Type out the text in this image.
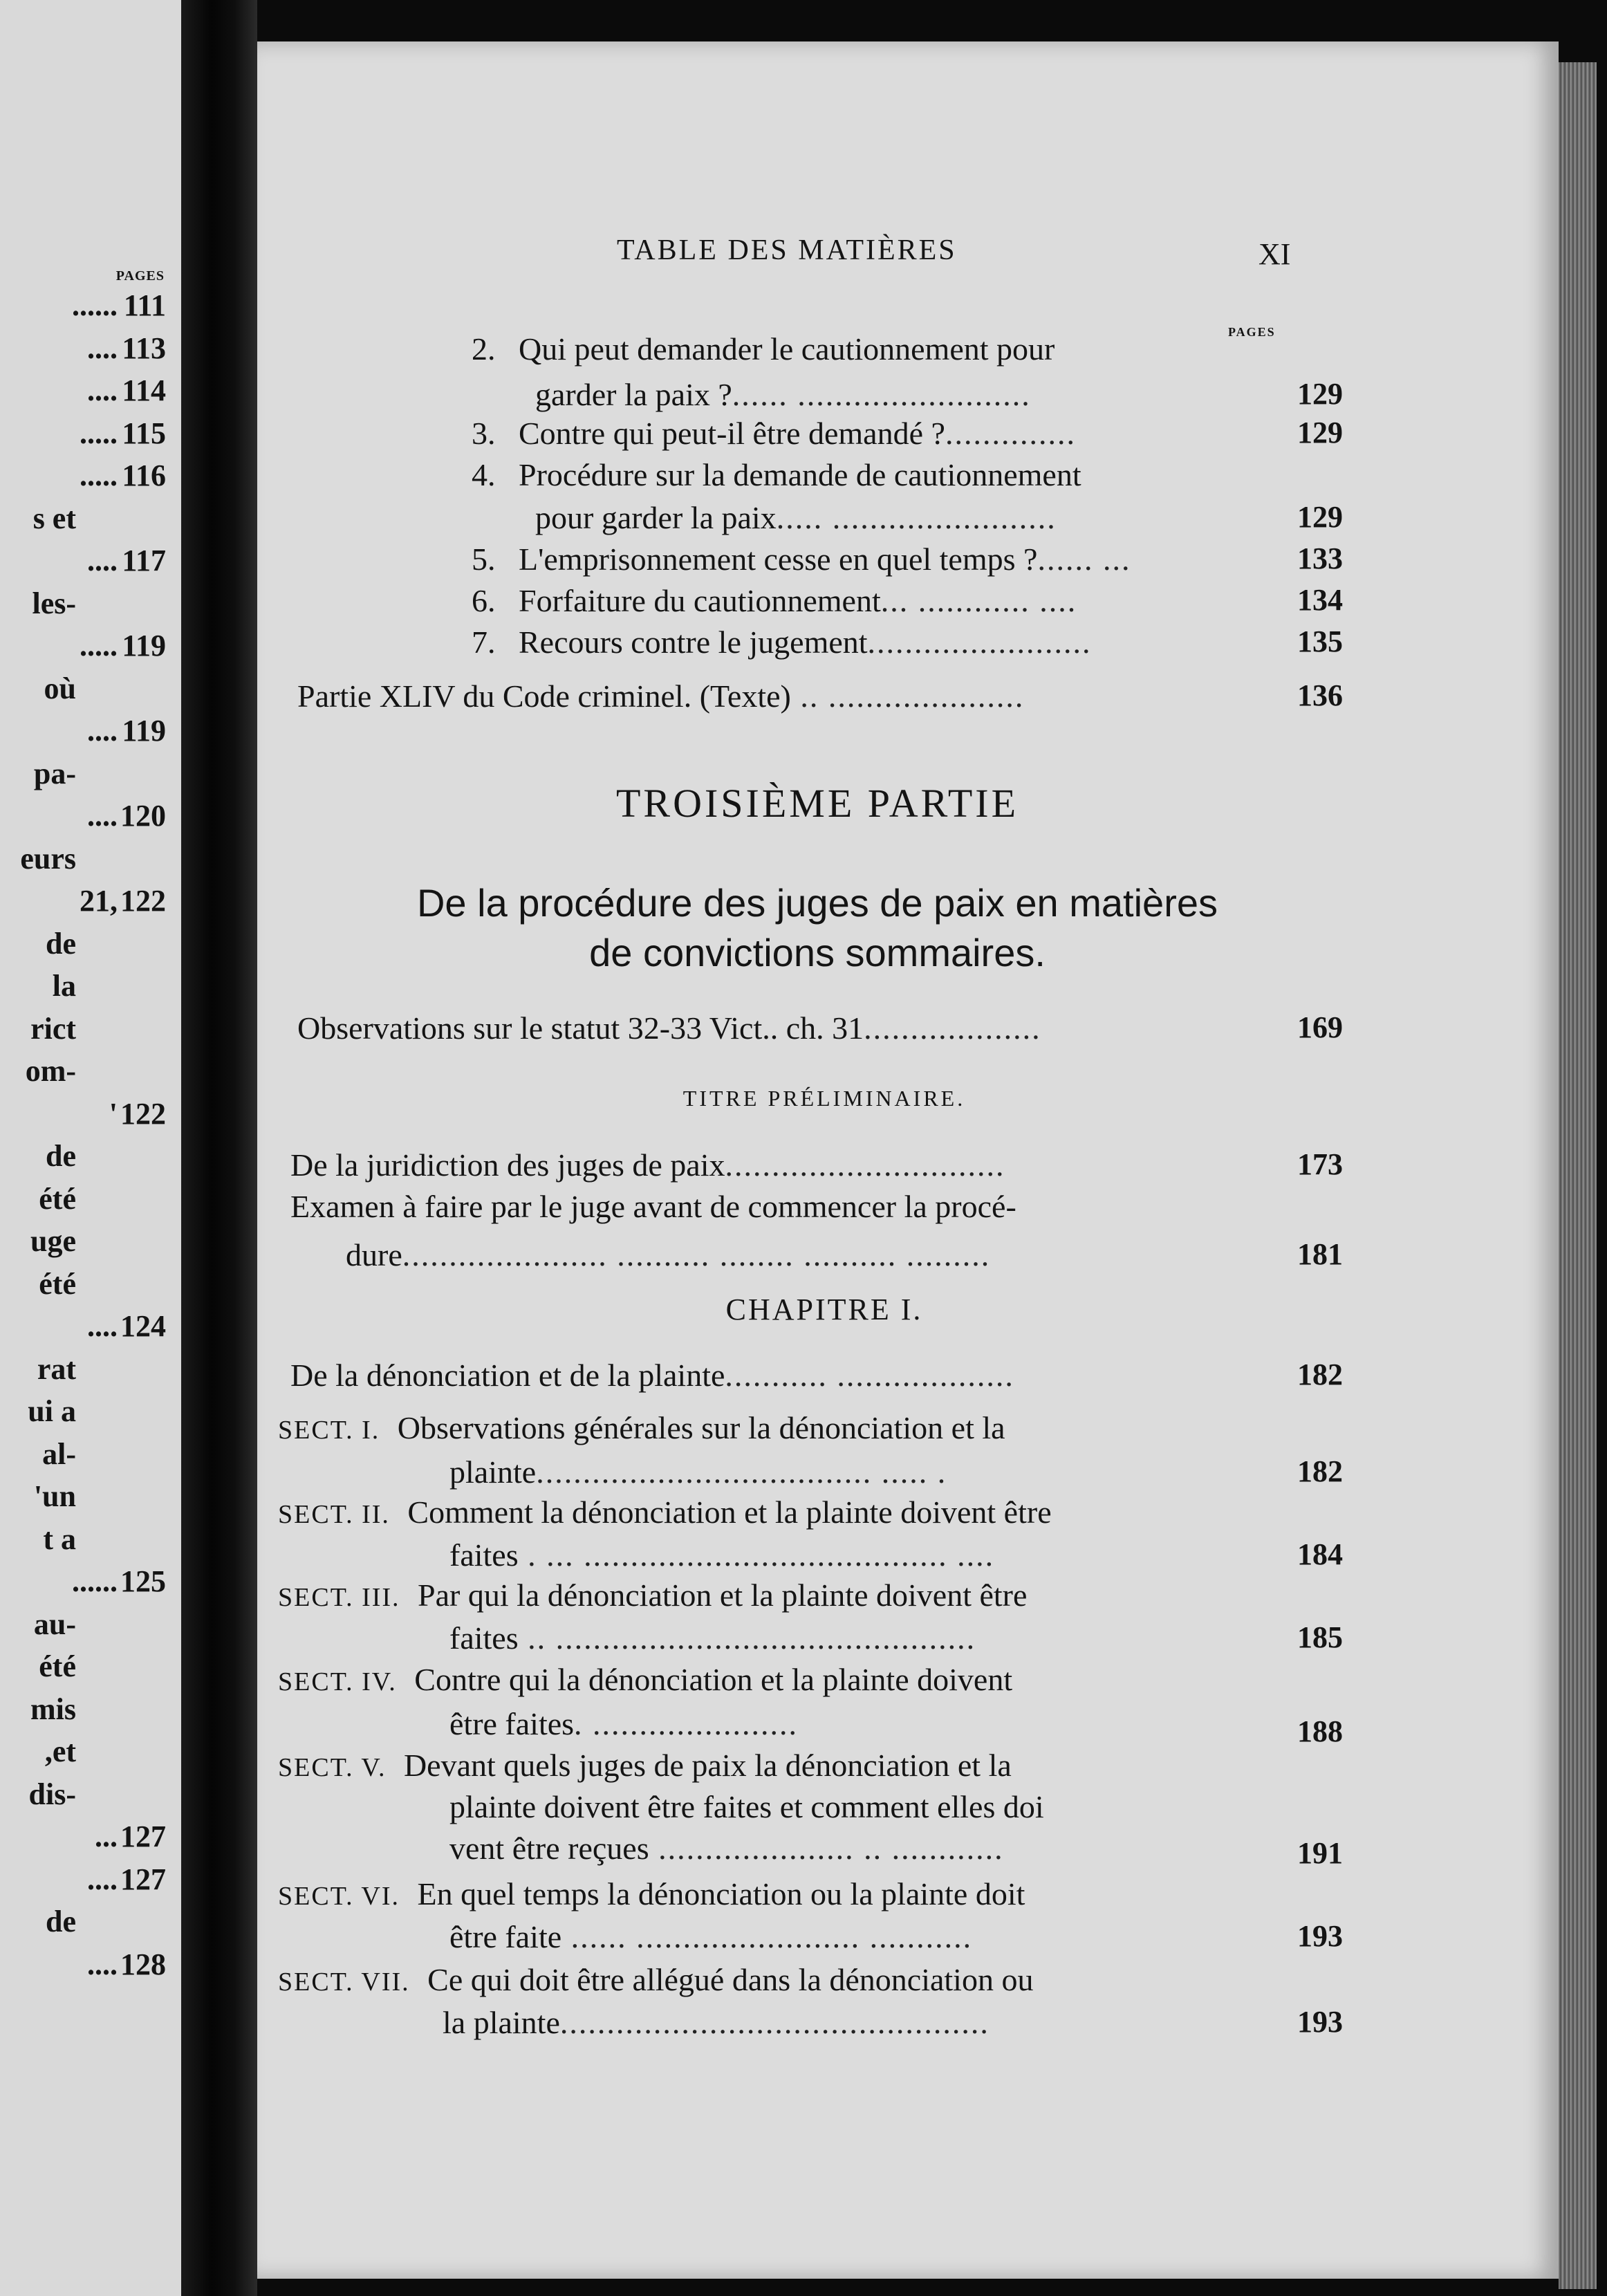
PAGES
...... 111
.... 113
.... 114
..... 115
..... 116
s et
.... 117
les-
..... 119
où
.... 119
pa-
.... 120
eurs
21, 122
de
la
rict
om-
' 122
de
été
uge
été
.... 124
rat
ui a
al-
'un
t a
...... 125
au-
été
mis
,et
dis-
... 127
.... 127
de
.... 128
TABLE DES MATIÈRES	XI
PAGES
2. Qui peut demander le cautionnement pour
garder la paix ?...... .........................	129
3. Contre qui peut-il être demandé ?..............	129
4. Procédure sur la demande de cautionnement
pour garder la paix..... ........................	129
5. L'emprisonnement cesse en quel temps ?...... ...	133
6. Forfaiture du cautionnement... ............ ....	134
7. Recours contre le jugement........................	135
Partie XLIV du Code criminel. (Texte) .. .....................	136
TROISIÈME PARTIE
De la procédure des juges de paix en matières
de convictions sommaires.
Observations sur le statut 32-33 Vict.. ch. 31...................	169
TITRE PRÉLIMINAIRE.
De la juridiction des juges de paix..............................	173
Examen à faire par le juge avant de commencer la procé-
dure...................... .......... ........ .......... .........	181
CHAPITRE I.
De la dénonciation et de la plainte........... ...................	182
SECT. I. Observations générales sur la dénonciation et la
plainte.................................... ..... .	182
SECT. II. Comment la dénonciation et la plainte doivent être
faites . ... ....................................... ....	184
SECT. III. Par qui la dénonciation et la plainte doivent être
faites .. .............................................	185
SECT. IV. Contre qui la dénonciation et la plainte doivent
être faites. ......................	188
SECT. V. Devant quels juges de paix la dénonciation et la
plainte doivent être faites et comment elles doi
vent être reçues ..................... .. ............	191
SECT. VI. En quel temps la dénonciation ou la plainte doit
être faite ...... ........................ ...........	193
SECT. VII. Ce qui doit être allégué dans la dénonciation ou
la plainte..............................................	193
